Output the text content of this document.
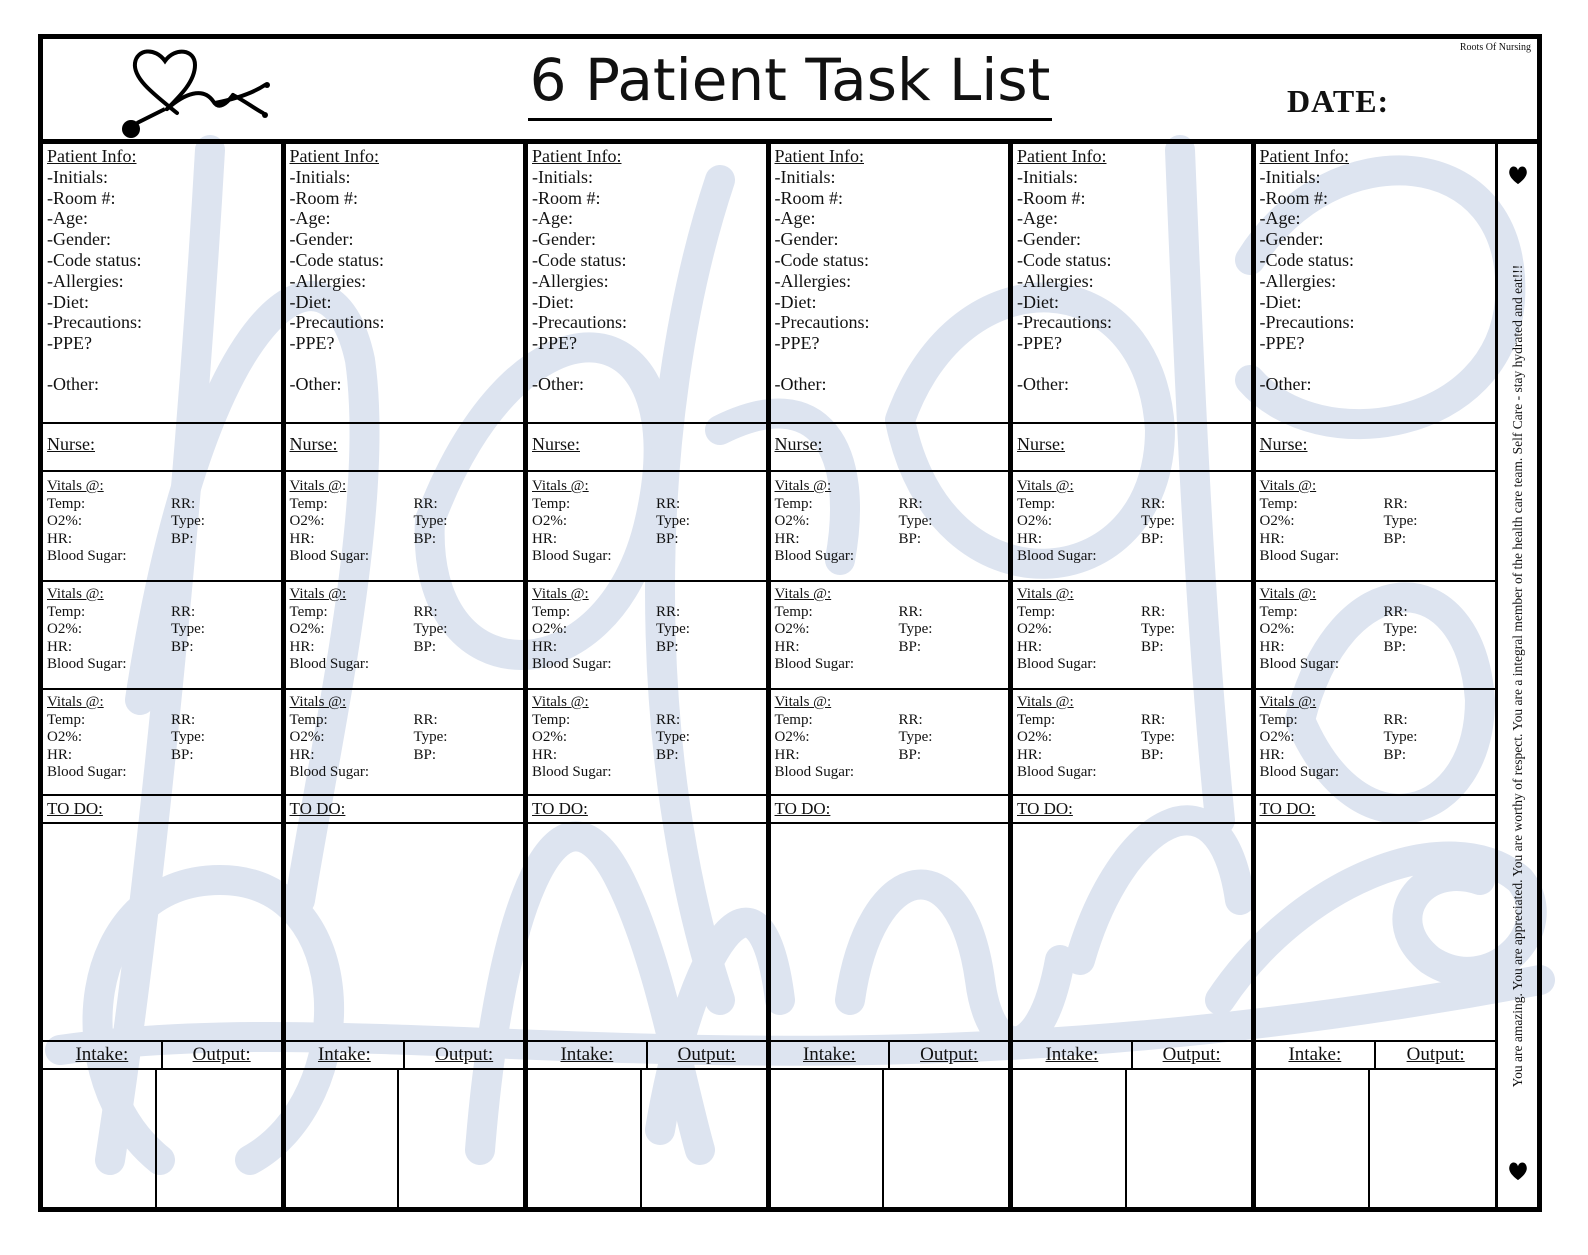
6 Patient Task List	DATE:
Roots Of Nursing
Patient Info:
-Initials:
-Room #:
-Age:
-Gender:
-Code status:
-Allergies:
-Diet:
-Precautions:
-PPE?
-Other:
Nurse:
Vitals @:
Temp:	RR:
O2%:	Type:
HR:	BP:
Blood Sugar:
Vitals @:
Temp:	RR:
O2%:	Type:
HR:	BP:
Blood Sugar:
Vitals @:
Temp:	RR:
O2%:	Type:
HR:	BP:
Blood Sugar:
TO DO:
Intake:	Output:
Patient Info:
-Initials:
-Room #:
-Age:
-Gender:
-Code status:
-Allergies:
-Diet:
-Precautions:
-PPE?
-Other:
Nurse:
Vitals @:
Temp:	RR:
O2%:	Type:
HR:	BP:
Blood Sugar:
Vitals @:
Temp:	RR:
O2%:	Type:
HR:	BP:
Blood Sugar:
Vitals @:
Temp:	RR:
O2%:	Type:
HR:	BP:
Blood Sugar:
TO DO:
Intake:	Output:
Patient Info:
-Initials:
-Room #:
-Age:
-Gender:
-Code status:
-Allergies:
-Diet:
-Precautions:
-PPE?
-Other:
Nurse:
Vitals @:
Temp:	RR:
O2%:	Type:
HR:	BP:
Blood Sugar:
Vitals @:
Temp:	RR:
O2%:	Type:
HR:	BP:
Blood Sugar:
Vitals @:
Temp:	RR:
O2%:	Type:
HR:	BP:
Blood Sugar:
TO DO:
Intake:	Output:
Patient Info:
-Initials:
-Room #:
-Age:
-Gender:
-Code status:
-Allergies:
-Diet:
-Precautions:
-PPE?
-Other:
Nurse:
Vitals @:
Temp:	RR:
O2%:	Type:
HR:	BP:
Blood Sugar:
Vitals @:
Temp:	RR:
O2%:	Type:
HR:	BP:
Blood Sugar:
Vitals @:
Temp:	RR:
O2%:	Type:
HR:	BP:
Blood Sugar:
TO DO:
Intake:	Output:
Patient Info:
-Initials:
-Room #:
-Age:
-Gender:
-Code status:
-Allergies:
-Diet:
-Precautions:
-PPE?
-Other:
Nurse:
Vitals @:
Temp:	RR:
O2%:	Type:
HR:	BP:
Blood Sugar:
Vitals @:
Temp:	RR:
O2%:	Type:
HR:	BP:
Blood Sugar:
Vitals @:
Temp:	RR:
O2%:	Type:
HR:	BP:
Blood Sugar:
TO DO:
Intake:	Output:
Patient Info:
-Initials:
-Room #:
-Age:
-Gender:
-Code status:
-Allergies:
-Diet:
-Precautions:
-PPE?
-Other:
Nurse:
Vitals @:
Temp:	RR:
O2%:	Type:
HR:	BP:
Blood Sugar:
Vitals @:
Temp:	RR:
O2%:	Type:
HR:	BP:
Blood Sugar:
Vitals @:
Temp:	RR:
O2%:	Type:
HR:	BP:
Blood Sugar:
TO DO:
Intake:	Output:	You are amazing. You are appreciated. You are worthy of respect. You are a integral member of the health care team. Self Care - stay hydrated and eat!!!
